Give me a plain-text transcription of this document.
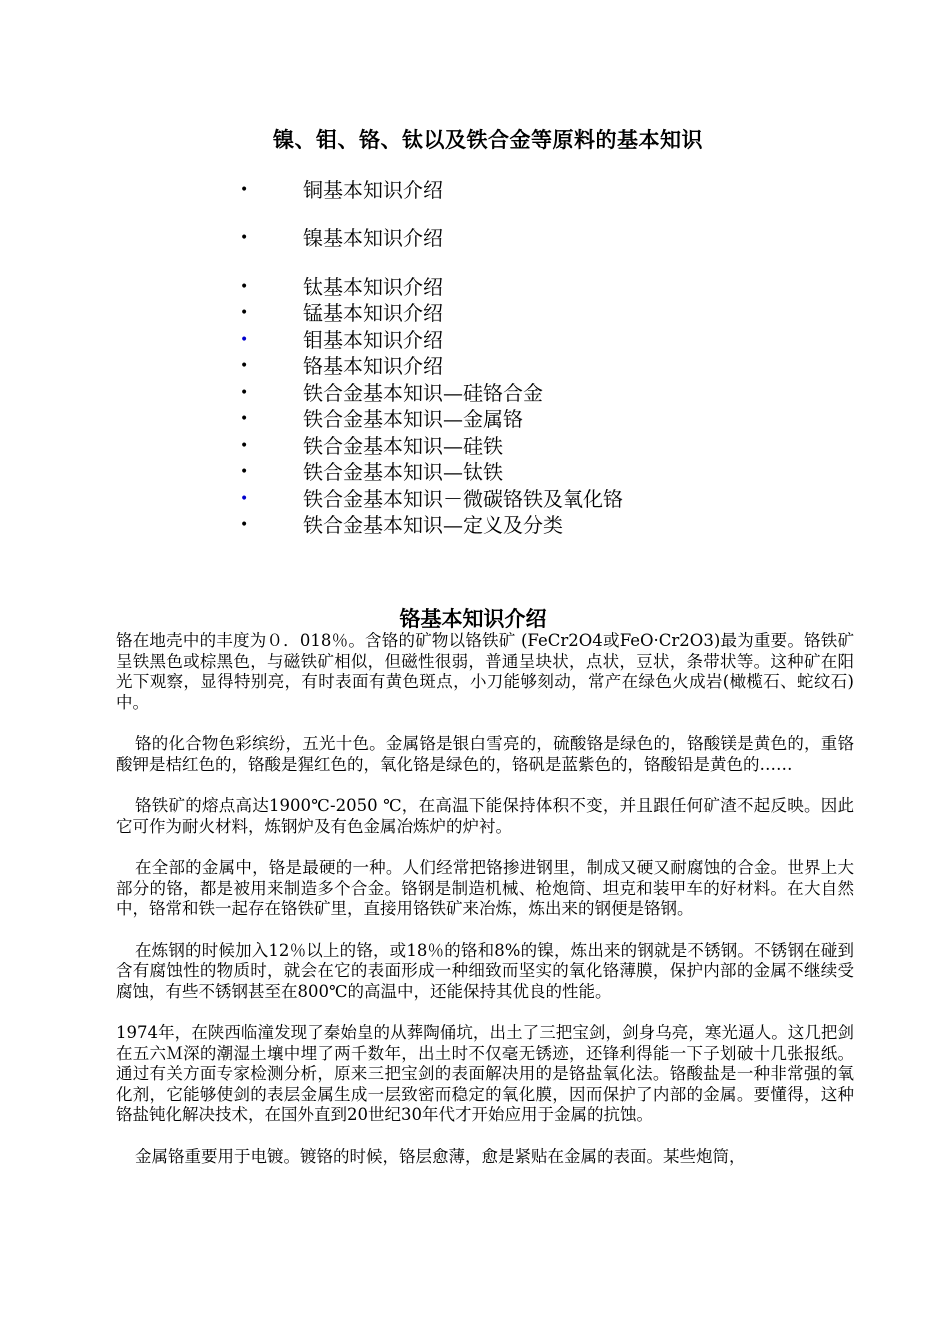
镍、钼、铬、钛以及铁合金等原料的基本知识
•	铜基本知识介绍
•	镍基本知识介绍
•	钛基本知识介绍
•	锰基本知识介绍
•	钼基本知识介绍
•	铬基本知识介绍
•	铁合金基本知识—硅铬合金
•	铁合金基本知识—金属铬
•	铁合金基本知识—硅铁
•	铁合金基本知识—钛铁
•	铁合金基本知识－微碳铬铁及氧化铬
•	铁合金基本知识—定义及分类
铬基本知识介绍

铬在地壳中的丰度为０．018％。含铬的矿物以铬铁矿 (FeCr2O4或FeO·Cr2O3)最为重要。铬铁矿呈铁黑色或棕黑色，与磁铁矿相似，但磁性很弱，普通呈块状，点状，豆状，条带状等。这种矿在阳光下观察，显得特别亮，有时表面有黄色斑点，小刀能够刻动，常产在绿色火成岩(橄榄石、蛇纹石)中。

铬的化合物色彩缤纷，五光十色。金属铬是银白雪亮的，硫酸铬是绿色的，铬酸镁是黄色的，重铬酸钾是桔红色的，铬酸是猩红色的，氧化铬是绿色的，铬矾是蓝紫色的，铬酸铅是黄色的……

铬铁矿的熔点高达1900℃-2050 ℃，在高温下能保持体积不变，并且跟任何矿渣不起反映。因此它可作为耐火材料，炼钢炉及有色金属冶炼炉的炉衬。

在全部的金属中，铬是最硬的一种。人们经常把铬掺进钢里，制成又硬又耐腐蚀的合金。世界上大部分的铬，都是被用来制造多个合金。铬钢是制造机械、枪炮筒、坦克和装甲车的好材料。在大自然中，铬常和铁一起存在铬铁矿里，直接用铬铁矿来冶炼，炼出来的钢便是铬钢。

在炼钢的时候加入12％以上的铬，或18％的铬和8%的镍，炼出来的钢就是不锈钢。不锈钢在碰到含有腐蚀性的物质时，就会在它的表面形成一种细致而坚实的氧化铬薄膜，保护内部的金属不继续受腐蚀，有些不锈钢甚至在800℃的高温中，还能保持其优良的性能。

1974年，在陕西临潼发现了秦始皇的从葬陶俑坑，出土了三把宝剑，剑身乌亮，寒光逼人。这几把剑在五六Ｍ深的潮湿土壤中埋了两千数年，出土时不仅毫无锈迹，还锋利得能一下子划破十几张报纸。通过有关方面专家检测分析，原来三把宝剑的表面解决用的是铬盐氧化法。铬酸盐是一种非常强的氧化剂，它能够使剑的表层金属生成一层致密而稳定的氧化膜，因而保护了内部的金属。要懂得，这种铬盐钝化解决技术，在国外直到20世纪30年代才开始应用于金属的抗蚀。

金属铬重要用于电镀。镀铬的时候，铬层愈薄，愈是紧贴在金属的表面。某些炮筒，
